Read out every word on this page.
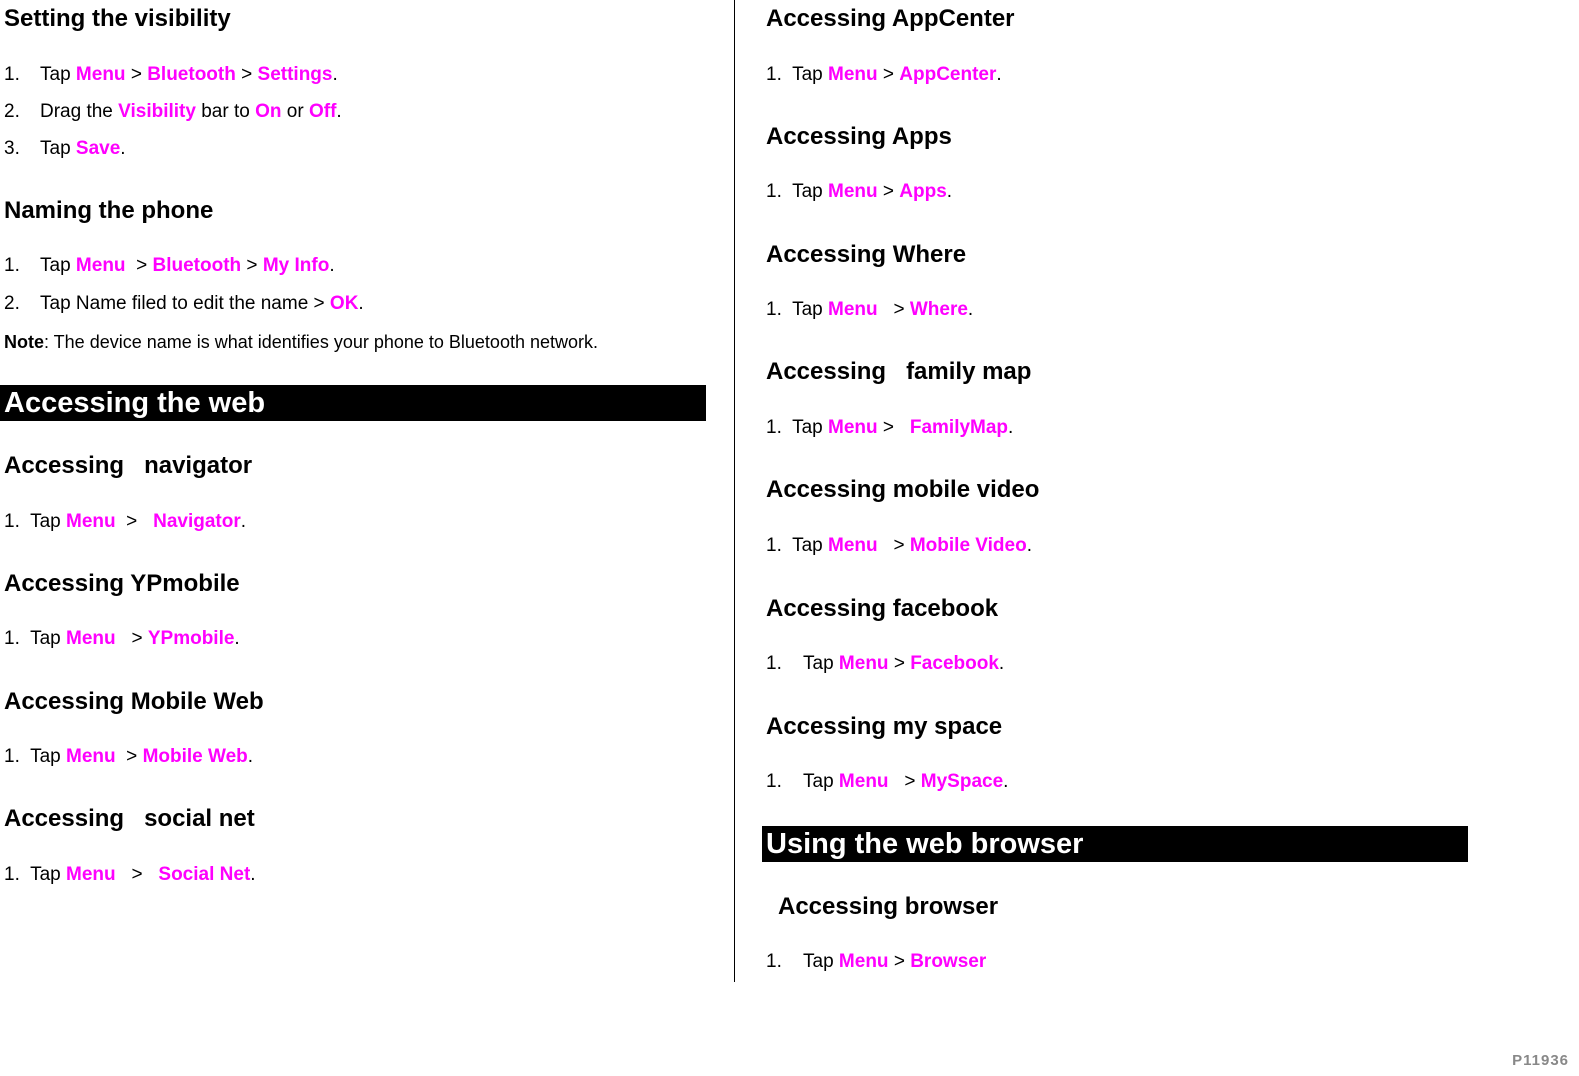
Setting the visibility
1. Tap Menu > Bluetooth > Settings.
2. Drag the Visibility bar to On or Off.
3. Tap Save.
Naming the phone
1. Tap Menu > Bluetooth > My Info.
2. Tap Name filed to edit the name > OK.
Note: The device name is what identifies your phone to Bluetooth network.
Accessing the web
Accessing   navigator
1. Tap Menu > Navigator.
Accessing YPmobile
1. Tap Menu > YPmobile.
Accessing Mobile Web
1. Tap Menu > Mobile Web.
Accessing   social net
1. Tap Menu > Social Net.
Accessing AppCenter
1. Tap Menu > AppCenter.
Accessing Apps
1. Tap Menu > Apps.
Accessing Where
1. Tap Menu > Where.
Accessing   family map
1. Tap Menu > FamilyMap.
Accessing mobile video
1. Tap Menu > Mobile Video.
Accessing facebook
1. Tap Menu > Facebook.
Accessing my space
1. Tap Menu > MySpace.
Using the web browser
Accessing browser
1. Tap Menu > Browser
P11936
